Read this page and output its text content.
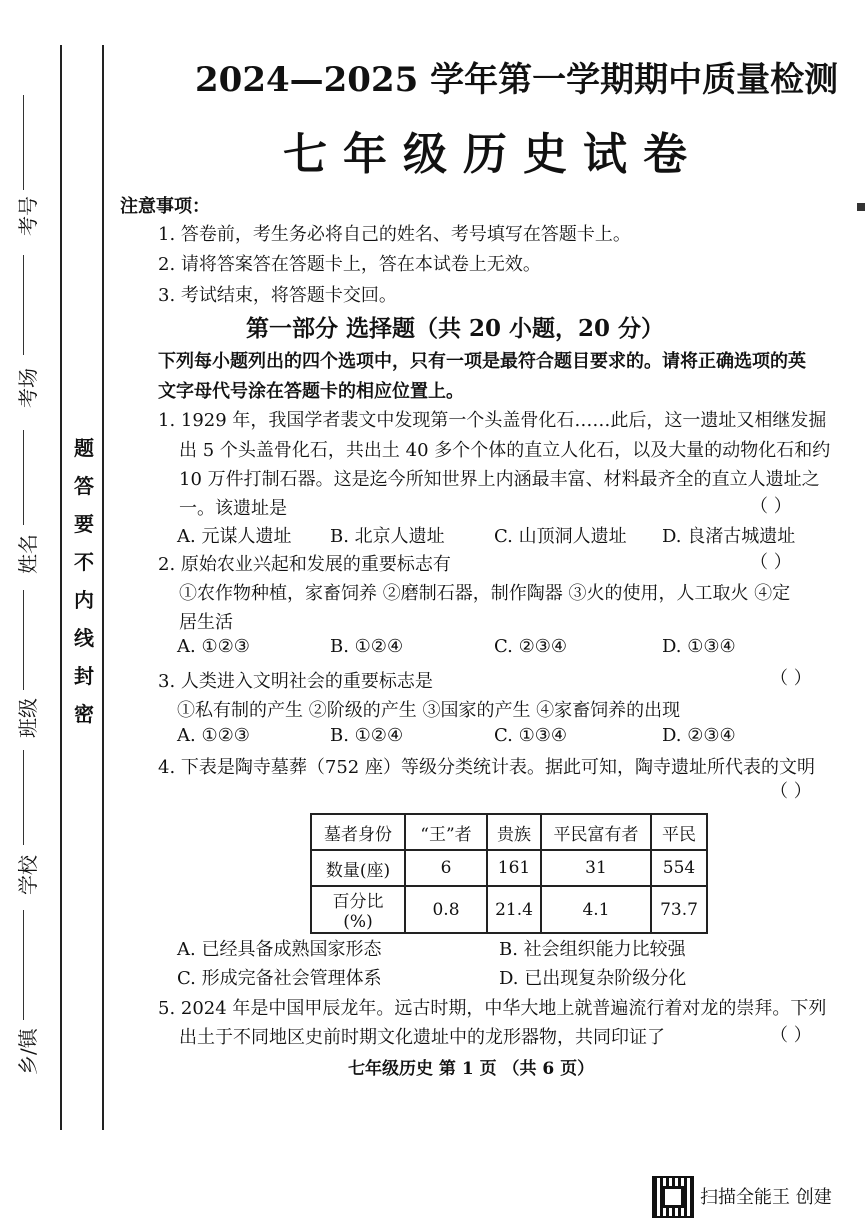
考号
考场
姓名
班级
学校
乡/镇
题
答
要
不
内
线
封
密
2024—2025 学年第一学期期中质量检测
七年级历史试卷
注意事项：
1. 答卷前，考生务必将自己的姓名、考号填写在答题卡上。
2. 请将答案答在答题卡上，答在本试卷上无效。
3. 考试结束，将答题卡交回。
第一部分 选择题（共 20 小题，20 分）
下列每小题列出的四个选项中，只有一项是最符合题目要求的。请将正确选项的英
文字母代号涂在答题卡的相应位置上。
1. 1929 年，我国学者裴文中发现第一个头盖骨化石……此后，这一遗址又相继发掘
出 5 个头盖骨化石，共出土 40 多个个体的直立人化石，以及大量的动物化石和约
10 万件打制石器。这是迄今所知世界上内涵最丰富、材料最齐全的直立人遗址之
一。该遗址是	（ ）
A. 元谋人遗址 B. 北京人遗址	C. 山顶洞人遗址 D. 良渚古城遗址
2. 原始农业兴起和发展的重要标志有	（ ）
①农作物种植，家畜饲养 ②磨制石器，制作陶器 ③火的使用，人工取火 ④定
居生活
A. ①②③	B. ①②④	C. ②③④	D. ①③④
3. 人类进入文明社会的重要标志是	（ ）
①私有制的产生 ②阶级的产生 ③国家的产生 ④家畜饲养的出现
A. ①②③	B. ①②④	C. ①③④	D. ②③④
4. 下表是陶寺墓葬（752 座）等级分类统计表。据此可知，陶寺遗址所代表的文明
（ ）
墓者身份	“王”者	贵族	平民富有者	平民
数量(座)	6	161	31	554
百分比(%)	0.8	21.4	4.1	73.7
A. 已经具备成熟国家形态	B. 社会组织能力比较强
C. 形成完备社会管理体系	D. 已出现复杂阶级分化
5. 2024 年是中国甲辰龙年。远古时期，中华大地上就普遍流行着对龙的崇拜。下列
出土于不同地区史前时期文化遗址中的龙形器物，共同印证了	（ ）
七年级历史 第 1 页 （共 6 页）
扫描全能王 创建
